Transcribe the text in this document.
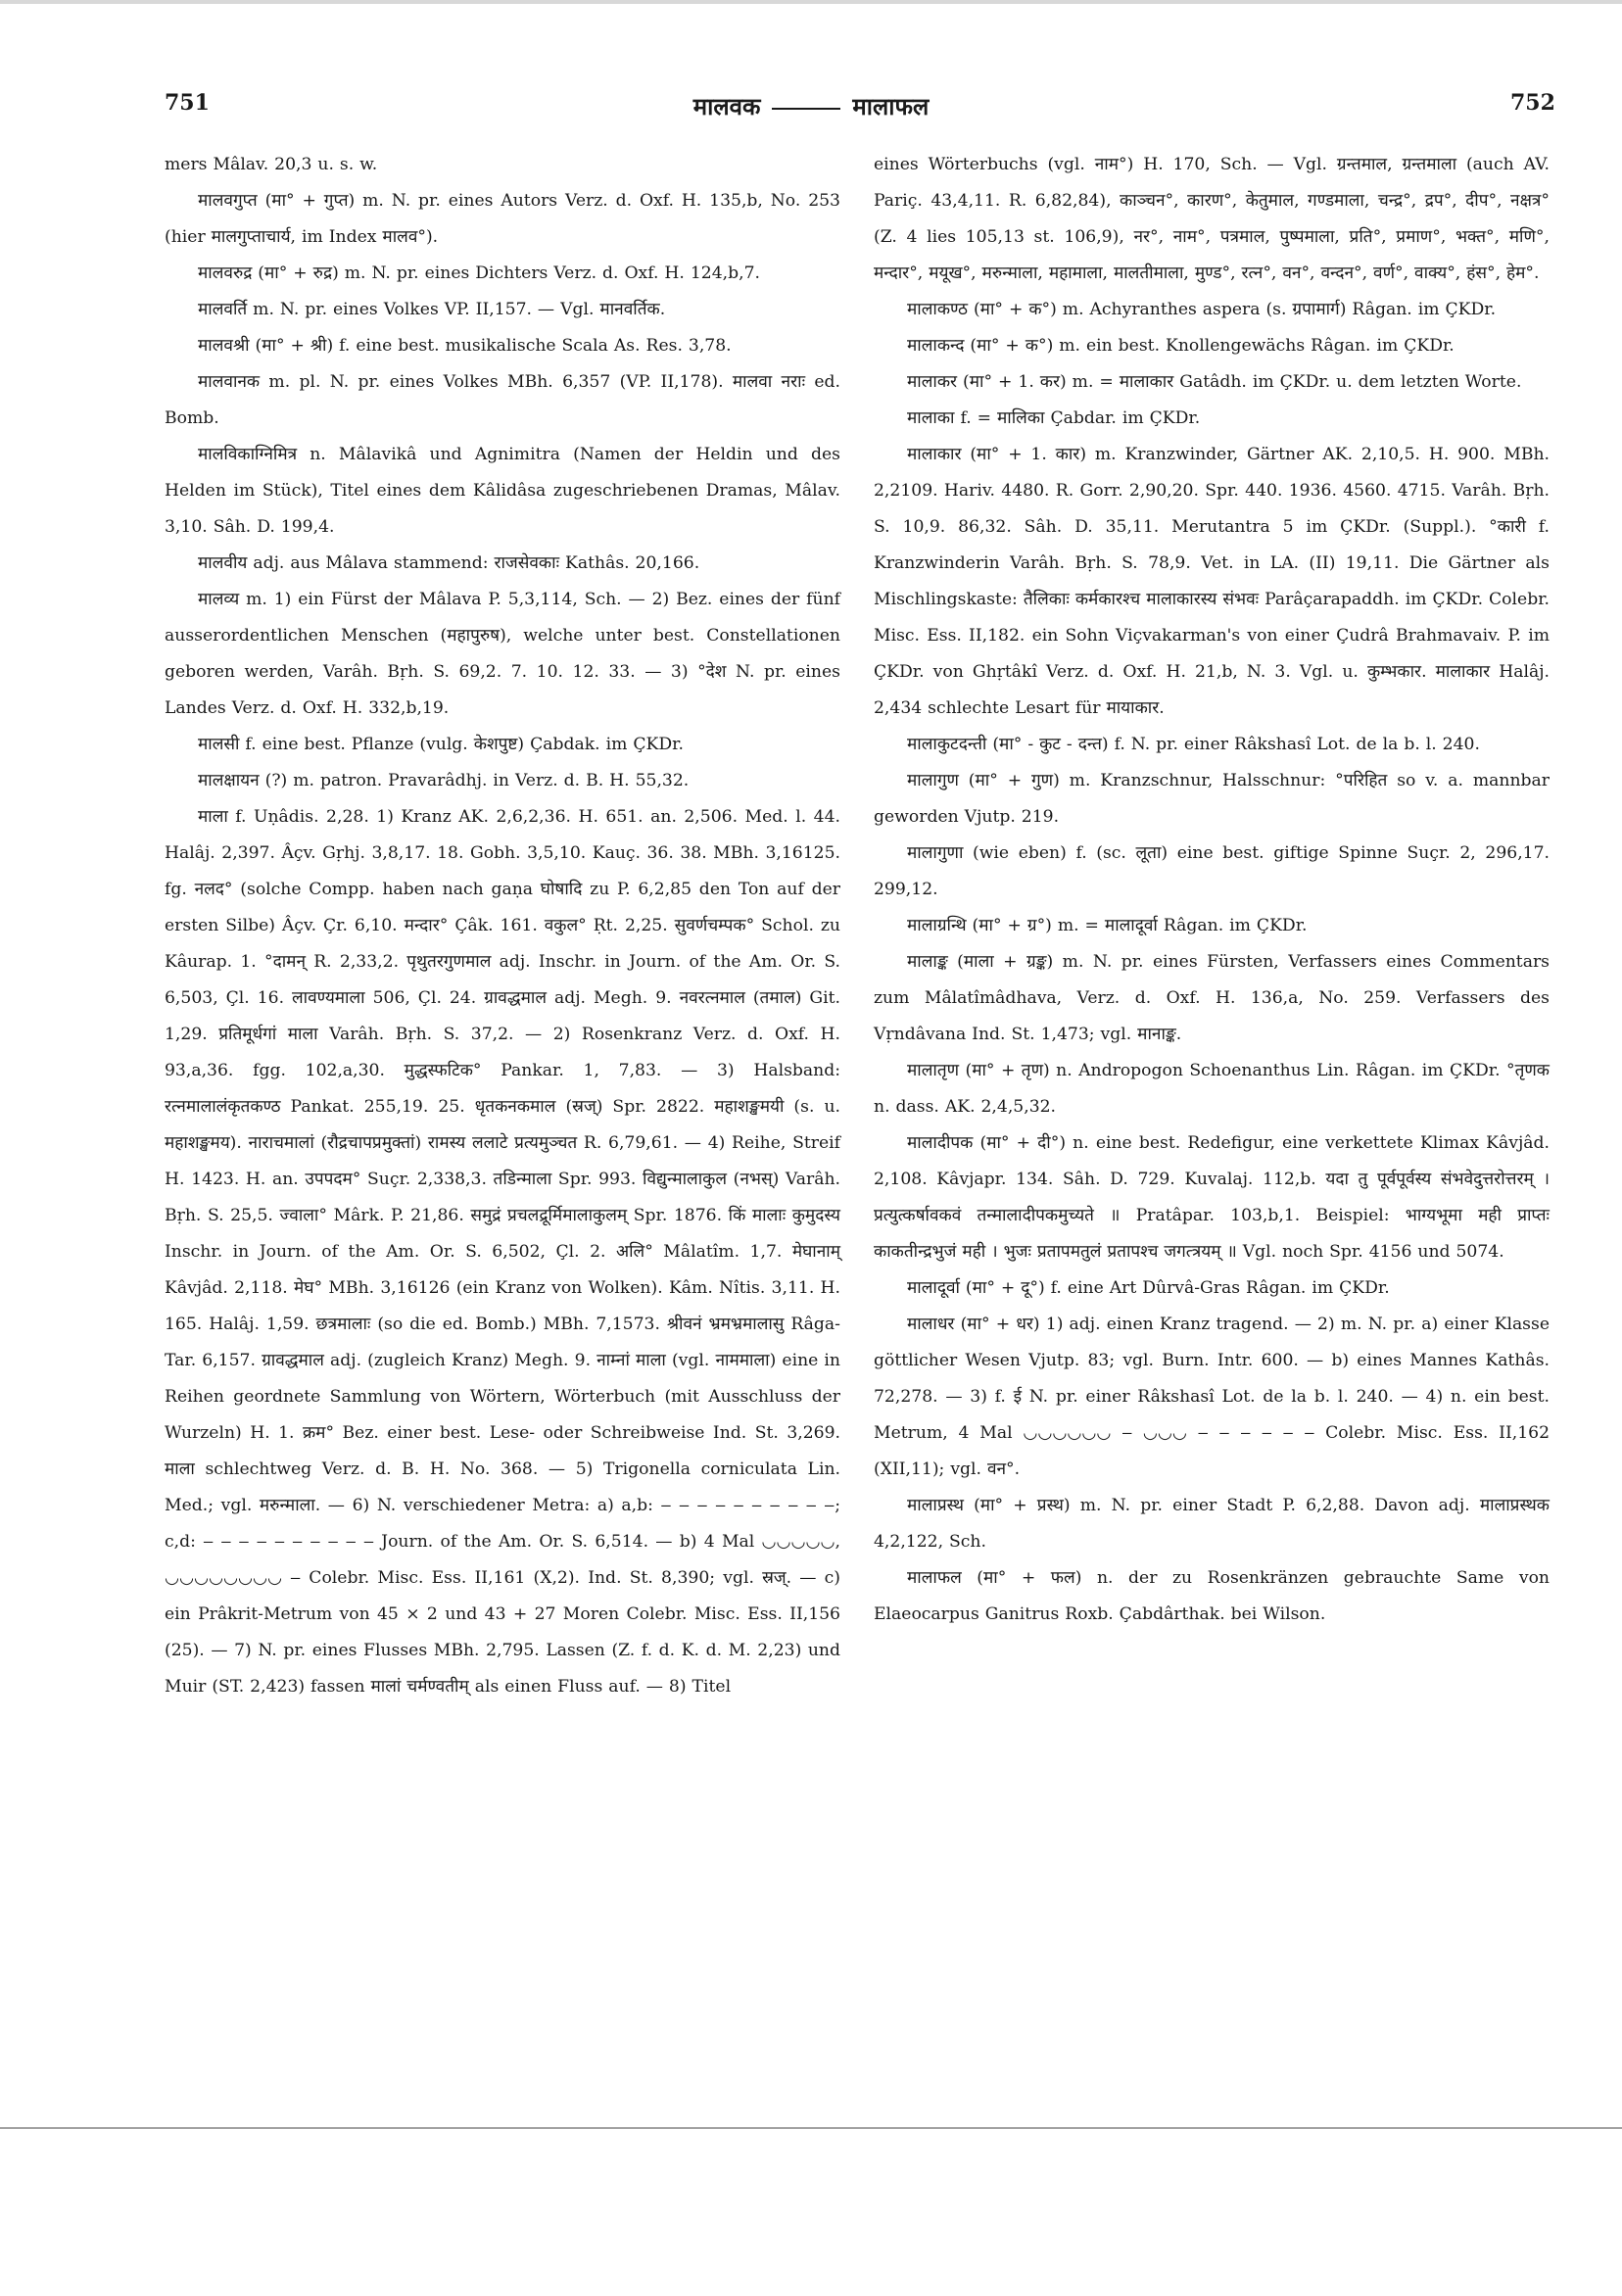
751	मालवक	मालाफल	752

mers Mâlav. 20,3 u. s. w.

मालवगुप्त (मा° + गुप्त) m. N. pr. eines Autors Verz. d. Oxf. H. 135,b, No. 253 (hier मालगुप्ताचार्य, im Index मालव°).

मालवरुद्र (मा° + रुद्र) m. N. pr. eines Dichters Verz. d. Oxf. H. 124,b,7.

मालवर्ति m. N. pr. eines Volkes VP. II,157. — Vgl. मानवर्तिक.

मालवश्री (मा° + श्री) f. eine best. musikalische Scala As. Res. 3,78.

मालवानक m. pl. N. pr. eines Volkes MBh. 6,357 (VP. II,178). मालवा नराः ed. Bomb.

मालविकाग्निमित्र n. Mâlavikâ und Agnimitra (Namen der Heldin und des Helden im Stück), Titel eines dem Kâlidâsa zugeschriebenen Dramas, Mâlav. 3,10. Sâh. D. 199,4.

मालवीय adj. aus Mâlava stammend: राजसेवकाः Kathâs. 20,166.

मालव्य m. 1) ein Fürst der Mâlava P. 5,3,114, Sch. — 2) Bez. eines der fünf ausserordentlichen Menschen (महापुरुष), welche unter best. Constellationen geboren werden, Varâh. Bṛh. S. 69,2. 7. 10. 12. 33. — 3) °देश N. pr. eines Landes Verz. d. Oxf. H. 332,b,19.

मालसी f. eine best. Pflanze (vulg. केशपुष्ट) Çabdak. im ÇKDr.

मालक्षायन (?) m. patron. Pravarâdhj. in Verz. d. B. H. 55,32.

माला f. Uṇâdis. 2,28. 1) Kranz AK. 2,6,2,36. H. 651. an. 2,506. Med. l. 44. Halâj. 2,397. Âçv. Gṛhj. 3,8,17. 18. Gobh. 3,5,10. Kauç. 36. 38. MBh. 3,16125. fg. नलद° (solche Compp. haben nach gaṇa घोषादि zu P. 6,2,85 den Ton auf der ersten Silbe) Âçv. Çr. 6,10. मन्दार° Çâk. 161. वकुल° Ṛt. 2,25. सुवर्णचम्पक° Schol. zu Kâurap. 1. °दामन् R. 2,33,2. पृथुतरगुणमाल adj. Inschr. in Journ. of the Am. Or. S. 6,503, Çl. 16. लावण्यमाला 506, Çl. 24. ग्रावद्धमाल adj. Megh. 9. नवरत्नमाल (तमाल) Git. 1,29. प्रतिमूर्धगां माला Varâh. Bṛh. S. 37,2. — 2) Rosenkranz Verz. d. Oxf. H. 93,a,36. fgg. 102,a,30. मुद्धस्फटिक° Pankar. 1, 7,83. — 3) Halsband: रत्नमालालंकृतकण्ठ Pankat. 255,19. 25. धृतकनकमाल (स्रज्) Spr. 2822. महाशङ्खमयी (s. u. महाशङ्खमय). नाराचमालां (रौद्रचापप्रमुक्तां) रामस्य ललाटे प्रत्यमुञ्चत R. 6,79,61. — 4) Reihe, Streif H. 1423. H. an. उपपदम° Suçr. 2,338,3. तडिन्माला Spr. 993. विद्युन्मालाकुल (नभस्) Varâh. Bṛh. S. 25,5. ज्वाला° Mârk. P. 21,86. समुद्रं प्रचलद्रूर्मिमालाकुलम् Spr. 1876. किं मालाः कुमुदस्य Inschr. in Journ. of the Am. Or. S. 6,502, Çl. 2. अलि° Mâlatîm. 1,7. मेघानाम् Kâvjâd. 2,118. मेघ° MBh. 3,16126 (ein Kranz von Wolken). Kâm. Nîtis. 3,11. H. 165. Halâj. 1,59. छत्रमालाः (so die ed. Bomb.) MBh. 7,1573. श्रीवनं भ्रमभ्रमालासु Râga-Tar. 6,157. ग्रावद्धमाल adj. (zugleich Kranz) Megh. 9. नाम्नां माला (vgl. नाममाला) eine in Reihen geordnete Sammlung von Wörtern, Wörterbuch (mit Ausschluss der Wurzeln) H. 1. क्रम° Bez. einer best. Lese- oder Schreibweise Ind. St. 3,269. माला schlechtweg Verz. d. B. H. No. 368. — 5) Trigonella corniculata Lin. Med.; vgl. मरुन्माला. — 6) N. verschiedener Metra: a) a,b: ‒ ‒ ‒ ‒ ‒ ‒ ‒ ‒ ‒ ‒; c,d: ‒ ‒ ‒ ‒ ‒ ‒ ‒ ‒ ‒ ‒ Journ. of the Am. Or. S. 6,514. — b) 4 Mal ◡◡◡◡◡, ◡◡◡◡◡◡◡◡ ‒ Colebr. Misc. Ess. II,161 (X,2). Ind. St. 8,390; vgl. स्रज्. — c) ein Prâkrit-Metrum von 45 × 2 und 43 + 27 Moren Colebr. Misc. Ess. II,156 (25). — 7) N. pr. eines Flusses MBh. 2,795. Lassen (Z. f. d. K. d. M. 2,23) und Muir (ST. 2,423) fassen मालां चर्मण्वतीम् als einen Fluss auf. — 8) Titel

eines Wörterbuchs (vgl. नाम°) H. 170, Sch. — Vgl. ग्रन्तमाल, ग्रन्तमाला (auch AV. Pariç. 43,4,11. R. 6,82,84), काञ्चन°, कारण°, केतुमाल, गण्डमाला, चन्द्र°, द्रप°, दीप°, नक्षत्र° (Z. 4 lies 105,13 st. 106,9), नर°, नाम°, पत्रमाल, पुष्पमाला, प्रति°, प्रमाण°, भक्त°, मणि°, मन्दार°, मयूख°, मरुन्माला, महामाला, मालतीमाला, मुण्ड°, रत्न°, वन°, वन्दन°, वर्ण°, वाक्य°, हंस°, हेम°.

मालाकण्ठ (मा° + क°) m. Achyranthes aspera (s. ग्रपामार्ग) Râgan. im ÇKDr.

मालाकन्द (मा° + क°) m. ein best. Knollengewächs Râgan. im ÇKDr.

मालाकर (मा° + 1. कर) m. = मालाकार Gatâdh. im ÇKDr. u. dem letzten Worte.

मालाका f. = मालिका Çabdar. im ÇKDr.

मालाकार (मा° + 1. कार) m. Kranzwinder, Gärtner AK. 2,10,5. H. 900. MBh. 2,2109. Hariv. 4480. R. Gorr. 2,90,20. Spr. 440. 1936. 4560. 4715. Varâh. Bṛh. S. 10,9. 86,32. Sâh. D. 35,11. Merutantra 5 im ÇKDr. (Suppl.). °कारी f. Kranzwinderin Varâh. Bṛh. S. 78,9. Vet. in LA. (II) 19,11. Die Gärtner als Mischlingskaste: तैलिकाः कर्मकारश्च मालाकारस्य संभवः Parâçarapaddh. im ÇKDr. Colebr. Misc. Ess. II,182. ein Sohn Viçvakarman's von einer Çudrâ Brahmavaiv. P. im ÇKDr. von Ghṛtâkî Verz. d. Oxf. H. 21,b, N. 3. Vgl. u. कुम्भकार. मालाकार Halâj. 2,434 schlechte Lesart für मायाकार.

मालाकुटदन्ती (मा° - कुट - दन्त) f. N. pr. einer Râkshasî Lot. de la b. l. 240.

मालागुण (मा° + गुण) m. Kranzschnur, Halsschnur: °परिहित so v. a. mannbar geworden Vjutp. 219.

मालागुणा (wie eben) f. (sc. लूता) eine best. giftige Spinne Suçr. 2, 296,17. 299,12.

मालाग्रन्थि (मा° + ग्र°) m. = मालादूर्वा Râgan. im ÇKDr.

मालाङ्क (माला + ग्रङ्क) m. N. pr. eines Fürsten, Verfassers eines Commentars zum Mâlatîmâdhava, Verz. d. Oxf. H. 136,a, No. 259. Verfassers des Vṛndâvana Ind. St. 1,473; vgl. मानाङ्क.

मालातृण (मा° + तृण) n. Andropogon Schoenanthus Lin. Râgan. im ÇKDr. °तृणक n. dass. AK. 2,4,5,32.

मालादीपक (मा° + दी°) n. eine best. Redefigur, eine verkettete Klimax Kâvjâd. 2,108. Kâvjapr. 134. Sâh. D. 729. Kuvalaj. 112,b. यदा तु पूर्वपूर्वस्य संभवेदुत्तरोत्तरम् । प्रत्युत्कर्षावकवं तन्मालादीपकमुच्यते ॥ Pratâpar. 103,b,1. Beispiel: भाग्यभूमा मही प्राप्तः काकतीन्द्रभुजं मही । भुजः प्रतापमतुलं प्रतापश्च जगत्त्रयम् ॥ Vgl. noch Spr. 4156 und 5074.

मालादूर्वा (मा° + दू°) f. eine Art Dûrvâ-Gras Râgan. im ÇKDr.

मालाधर (मा° + धर) 1) adj. einen Kranz tragend. — 2) m. N. pr. a) einer Klasse göttlicher Wesen Vjutp. 83; vgl. Burn. Intr. 600. — b) eines Mannes Kathâs. 72,278. — 3) f. ई N. pr. einer Râkshasî Lot. de la b. l. 240. — 4) n. ein best. Metrum, 4 Mal ◡◡◡◡◡◡ ‒ ◡◡◡ ‒ ‒ ‒ ‒ ‒ ‒ Colebr. Misc. Ess. II,162 (XII,11); vgl. वन°.

मालाप्रस्थ (मा° + प्रस्थ) m. N. pr. einer Stadt P. 6,2,88. Davon adj. मालाप्रस्थक 4,2,122, Sch.

मालाफल (मा° + फल) n. der zu Rosenkränzen gebrauchte Same von Elaeocarpus Ganitrus Roxb. Çabdârthak. bei Wilson.
